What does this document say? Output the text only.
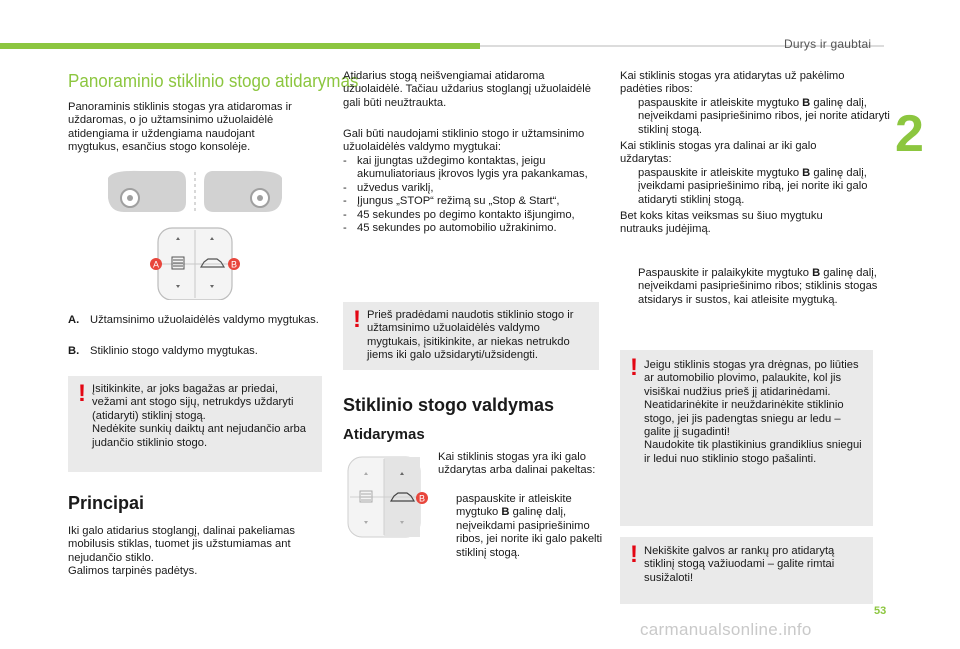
Durys ir gaubtai
2
53
Panoraminio stiklinio stogo atidarymas

Panoraminis stiklinis stogas yra atidaromas ir uždaromas, o jo užtamsinimo užuolaidėlė atidengiama ir uždengiama naudojant mygtukus, esančius stogo konsolėje.

A	B

A. Užtamsinimo užuolaidėlės valdymo mygtukas.

B. Stiklinio stogo valdymo mygtukas.

! Įsitikinkite, ar joks bagažas ar priedai, vežami ant stogo sijų, netrukdys uždaryti (atidaryti) stiklinį stogą.
Nedėkite sunkių daiktų ant nejudančio arba judančio stiklinio stogo.

Principai

Iki galo atidarius stoglangį, dalinai pakeliamas mobilusis stiklas, tuomet jis užstumiamas ant nejudančio stiklo.
Galimos tarpinės padėtys.

Atidarius stogą neišvengiamai atidaroma užuolaidėlė. Tačiau uždarius stoglangį užuolaidėlė gali būti neužtraukta.

Gali būti naudojami stiklinio stogo ir užtamsinimo užuolaidėlės valdymo mygtukai:

- kai įjungtas uždegimo kontaktas, jeigu akumuliatoriaus įkrovos lygis yra pakankamas,

- užvedus variklį,

- Įjungus „STOP“ režimą su „Stop & Start“,

- 45 sekundes po degimo kontakto išjungimo,

- 45 sekundes po automobilio užrakinimo.

! Prieš pradėdami naudotis stiklinio stogo ir užtamsinimo užuolaidėlės valdymo mygtukais, įsitikinkite, ar niekas netrukdo jiems iki galo užsidaryti/užsidengti.

Stiklinio stogo valdymas
Atidarymas
B

Kai stiklinis stogas yra iki galo uždarytas arba dalinai pakeltas:

paspauskite ir atleiskite mygtuko B galinę dalį, neįveikdami pasipriešinimo ribos, jei norite iki galo pakelti stiklinį stogą.

Kai stiklinis stogas yra atidarytas už pakėlimo padėties ribos:

paspauskite ir atleiskite mygtuko B galinę dalį, neįveikdami pasipriešinimo ribos, jei norite atidaryti stiklinį stogą.

Kai stiklinis stogas yra dalinai ar iki galo uždarytas:

paspauskite ir atleiskite mygtuko B galinę dalį, įveikdami pasipriešinimo ribą, jei norite iki galo atidaryti stiklinį stogą.

Bet koks kitas veiksmas su šiuo mygtuku nutrauks judėjimą.

Paspauskite ir palaikykite mygtuko B galinę dalį, neįveikdami pasipriešinimo ribos; stiklinis stogas atsidarys ir sustos, kai atleisite mygtuką.

! Jeigu stiklinis stogas yra drėgnas, po liūties ar automobilio plovimo, palaukite, kol jis visiškai nudžius prieš jį atidarinėdami.
Neatidarinėkite ir neuždarinėkite stiklinio stogo, jei jis padengtas sniegu ar ledu – galite jį sugadinti!
Naudokite tik plastikinius grandiklius sniegui ir ledui nuo stiklinio stogo pašalinti.

! Nekiškite galvos ar rankų pro atidarytą stiklinį stogą važiuodami – galite rimtai susižaloti!

carmanualsonline.info
